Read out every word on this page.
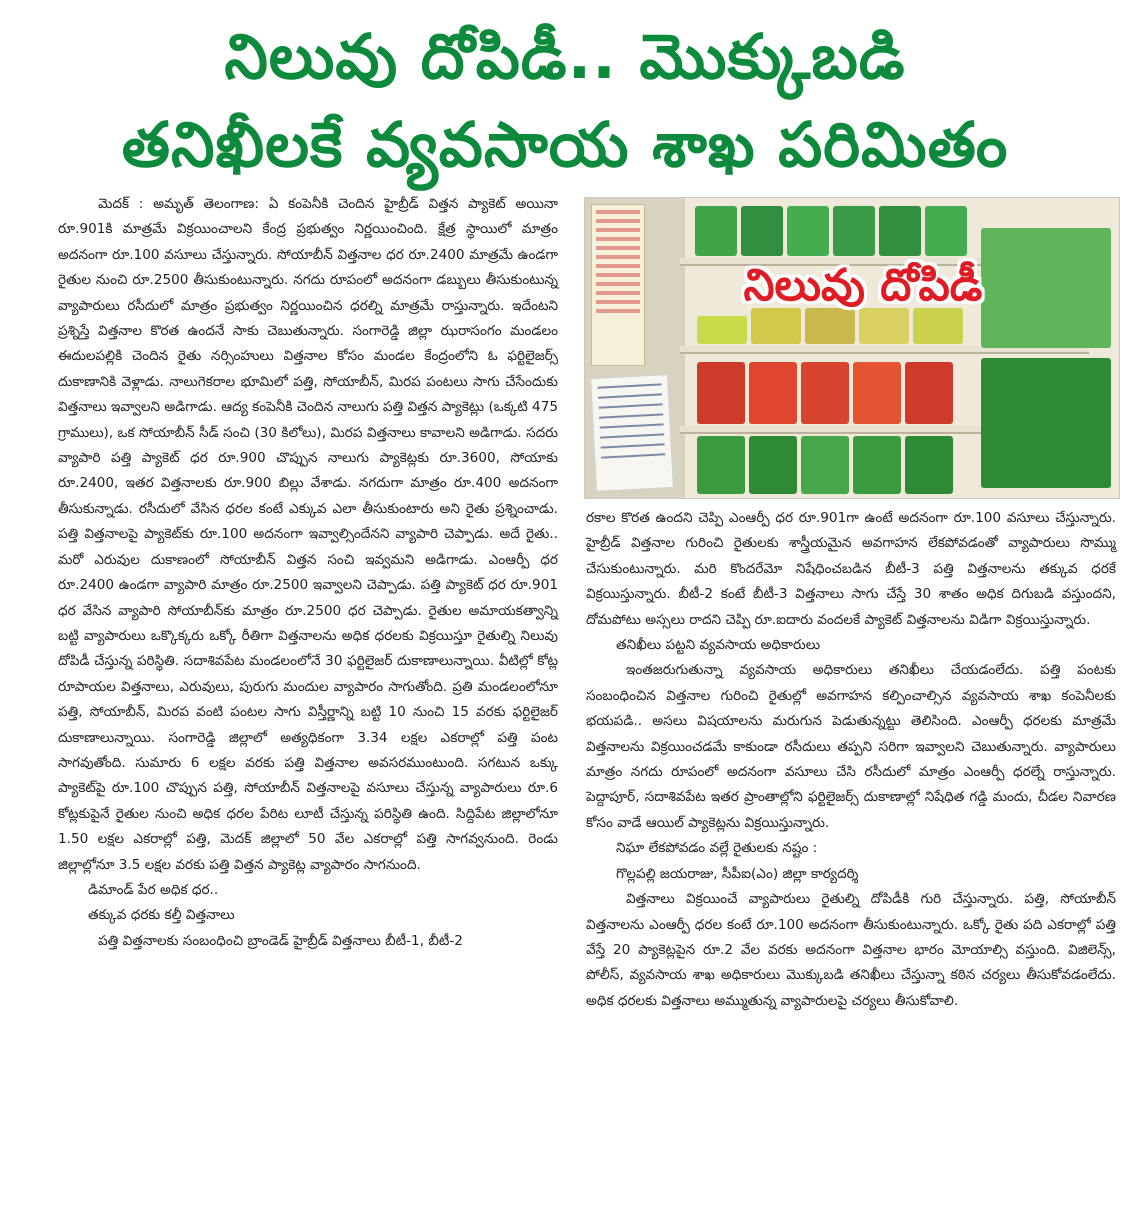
నిలువు దోపిడీ.. మొక్కుబడి
తనిఖీలకే వ్యవసాయ శాఖ పరిమితం

మెదక్ : అమృత్ తెలంగాణ: ఏ కంపెనీకి చెందిన హైబ్రీడ్ విత్తన ప్యాకెట్ అయినా రూ.901కి మాత్రమే విక్రయించాలని కేంద్ర ప్రభుత్వం నిర్ణయించింది. క్షేత్ర స్థాయిలో మాత్రం అదనంగా రూ.100 వసూలు చేస్తున్నారు. సోయాబీన్ విత్తనాల ధర రూ.2400 మాత్రమే ఉండగా రైతుల నుంచి రూ.2500 తీసుకుంటున్నారు. నగదు రూపంలో అదనంగా డబ్బులు తీసుకుంటున్న వ్యాపారులు రసీదులో మాత్రం ప్రభుత్వం నిర్ణయించిన ధరల్ని మాత్రమే రాస్తున్నారు. ఇదేంటని ప్రశ్నిస్తే విత్తనాల కొరత ఉందనే సాకు చెబుతున్నారు. సంగారెడ్డి జిల్లా ఝరాసంగం మండలం ఈదులపల్లికి చెందిన రైతు నర్సింహులు విత్తనాల కోసం మండల కేంద్రంలోని ఓ ఫర్టిలైజర్స్ దుకాణానికి వెళ్లాడు. నాలుగెకరాల భూమిలో పత్తి, సోయాబీన్, మిరప పంటలు సాగు చేసేందుకు విత్తనాలు ఇవ్వాలని అడిగాడు. ఆద్య కంపెనీకి చెందిన నాలుగు పత్తి విత్తన ప్యాకెట్లు (ఒక్కటి 475 గ్రాములు), ఒక సోయాబీన్ సీడ్ సంచి (30 కిలోలు), మిరప విత్తనాలు కావాలని అడిగాడు. సదరు వ్యాపారి పత్తి ప్యాకెట్ ధర రూ.900 చొప్పున నాలుగు ప్యాకెట్లకు రూ.3600, సోయాకు రూ.2400, ఇతర విత్తనాలకు రూ.900 బిల్లు వేశాడు. నగదుగా మాత్రం రూ.400 అదనంగా తీసుకున్నాడు. రసీదులో వేసిన ధరల కంటే ఎక్కువ ఎలా తీసుకుంటారు అని రైతు ప్రశ్నించాడు. పత్తి విత్తనాలపై ప్యాకెట్‌కు రూ.100 అదనంగా ఇవ్వాల్సిందేనని వ్యాపారి చెప్పాడు. అదే రైతు.. మరో ఎరువుల దుకాణంలో సోయాబీన్ విత్తన సంచి ఇవ్వమని అడిగాడు. ఎంఆర్పీ ధర రూ.2400 ఉండగా వ్యాపారి మాత్రం రూ.2500 ఇవ్వాలని చెప్పాడు. పత్తి ప్యాకెట్ ధర రూ.901 ధర వేసిన వ్యాపారి సోయాబీన్‌కు మాత్రం రూ.2500 ధర చెప్పాడు. రైతుల అమాయకత్వాన్ని బట్టి వ్యాపారులు ఒక్కొక్కరు ఒక్కో రీతిగా విత్తనాలను అధిక ధరలకు విక్రయిస్తూ రైతుల్ని నిలువు దోపిడీ చేస్తున్న పరిస్థితి. సదాశివపేట మండలంలోనే 30 ఫర్టిలైజర్ దుకాణాలున్నాయి. వీటిల్లో కోట్ల రూపాయల విత్తనాలు, ఎరువులు, పురుగు మందుల వ్యాపారం సాగుతోంది. ప్రతి మండలంలోనూ పత్తి, సోయాబీన్, మిరప వంటి పంటల సాగు విస్తీర్ణాన్ని బట్టి 10 నుంచి 15 వరకు ఫర్టిలైజర్ దుకాణాలున్నాయి. సంగారెడ్డి జిల్లాలో అత్యధికంగా 3.34 లక్షల ఎకరాల్లో పత్తి పంట సాగవుతోంది. సుమారు 6 లక్షల వరకు పత్తి విత్తనాల అవసరముంటుంది. సగటున ఒక్కు ప్యాకెట్‌పై రూ.100 చొప్పున పత్తి, సోయాబీన్ విత్తనాలపై వసూలు చేస్తున్న వ్యాపారులు రూ.6 కోట్లకుపైనే రైతుల నుంచి అధిక ధరల పేరిట లూటీ చేస్తున్న పరిస్థితి ఉంది. సిద్దిపేట జిల్లాలోనూ 1.50 లక్షల ఎకరాల్లో పత్తి, మెదక్ జిల్లాలో 50 వేల ఎకరాల్లో పత్తి సాగవ్వనుంది. రెండు జిల్లాల్లోనూ 3.5 లక్షల వరకు పత్తి విత్తన ప్యాకెట్ల వ్యాపారం సాగనుంది.

డిమాండ్ పేర అధిక ధర..

తక్కువ ధరకు కల్తీ విత్తనాలు

పత్తి విత్తనాలకు సంబంధించి బ్రాండెడ్ హైబ్రీడ్ విత్తనాలు బీటీ-1, బీటీ-2

నిలువు దోపిడీ

రకాల కొరత ఉందని చెప్పి ఎంఆర్పీ ధర రూ.901గా ఉంటే అదనంగా రూ.100 వసూలు చేస్తున్నారు. హైబ్రీడ్ విత్తనాల గురించి రైతులకు శాస్త్రీయమైన అవగాహన లేకపోవడంతో వ్యాపారులు సొమ్ము చేసుకుంటున్నారు. మరి కొందరేమో నిషేధించబడిన బీటీ-3 పత్తి విత్తనాలను తక్కువ ధరకే విక్రయిస్తున్నారు. బీటీ-2 కంటే బీటీ-3 విత్తనాలు సాగు చేస్తే 30 శాతం అధిక దిగుబడి వస్తుందని, దోమపోటు అస్సలు రాదని చెప్పి రూ.ఐదారు వందలకే ప్యాకెట్ విత్తనాలను విడిగా విక్రయిస్తున్నారు.

తనిఖీలు పట్టని వ్యవసాయ అధికారులు

ఇంతజరుగుతున్నా వ్యవసాయ అధికారులు తనిఖీలు చేయడంలేదు. పత్తి పంటకు సంబంధించిన విత్తనాల గురించి రైతుల్లో అవగాహన కల్పించాల్సిన వ్యవసాయ శాఖ కంపెనీలకు భయపడి.. అసలు విషయాలను మరుగున పెడుతున్నట్టు తెలిసింది. ఎంఆర్పీ ధరలకు మాత్రమే విత్తనాలను విక్రయించడమే కాకుండా రసీదులు తప్పని సరిగా ఇవ్వాలని చెబుతున్నారు. వ్యాపారులు మాత్రం నగదు రూపంలో అదనంగా వసూలు చేసి రసీదులో మాత్రం ఎంఆర్పీ ధరల్నే రాస్తున్నారు. పెద్దాపూర్, సదాశివపేట ఇతర ప్రాంతాల్లోని ఫర్టిలైజర్స్ దుకాణాల్లో నిషేధిత గడ్డి మందు, చీడల నివారణ కోసం వాడే ఆయిల్ ప్యాకెట్లను విక్రయిస్తున్నారు.

నిఘా లేకపోవడం వల్లే రైతులకు నష్టం :

గొల్లపల్లి జయరాజు, సీపీఐ(ఎం) జిల్లా కార్యదర్శి

విత్తనాలు విక్రయించే వ్యాపారులు రైతుల్ని దోపిడీకి గురి చేస్తున్నారు. పత్తి, సోయాబీన్ విత్తనాలను ఎంఆర్పీ ధరల కంటే రూ.100 అదనంగా తీసుకుంటున్నారు. ఒక్కో రైతు పది ఎకరాల్లో పత్తి వేస్తే 20 ప్యాకెట్లపైన రూ.2 వేల వరకు అదనంగా విత్తనాల భారం మోయాల్సి వస్తుంది. విజిలెన్స్, పోలీస్, వ్యవసాయ శాఖ అధికారులు మొక్కుబడి తనిఖీలు చేస్తున్నా కఠిన చర్యలు తీసుకోవడంలేదు. అధిక ధరలకు విత్తనాలు అమ్ముతున్న వ్యాపారులపై చర్యలు తీసుకోవాలి.
